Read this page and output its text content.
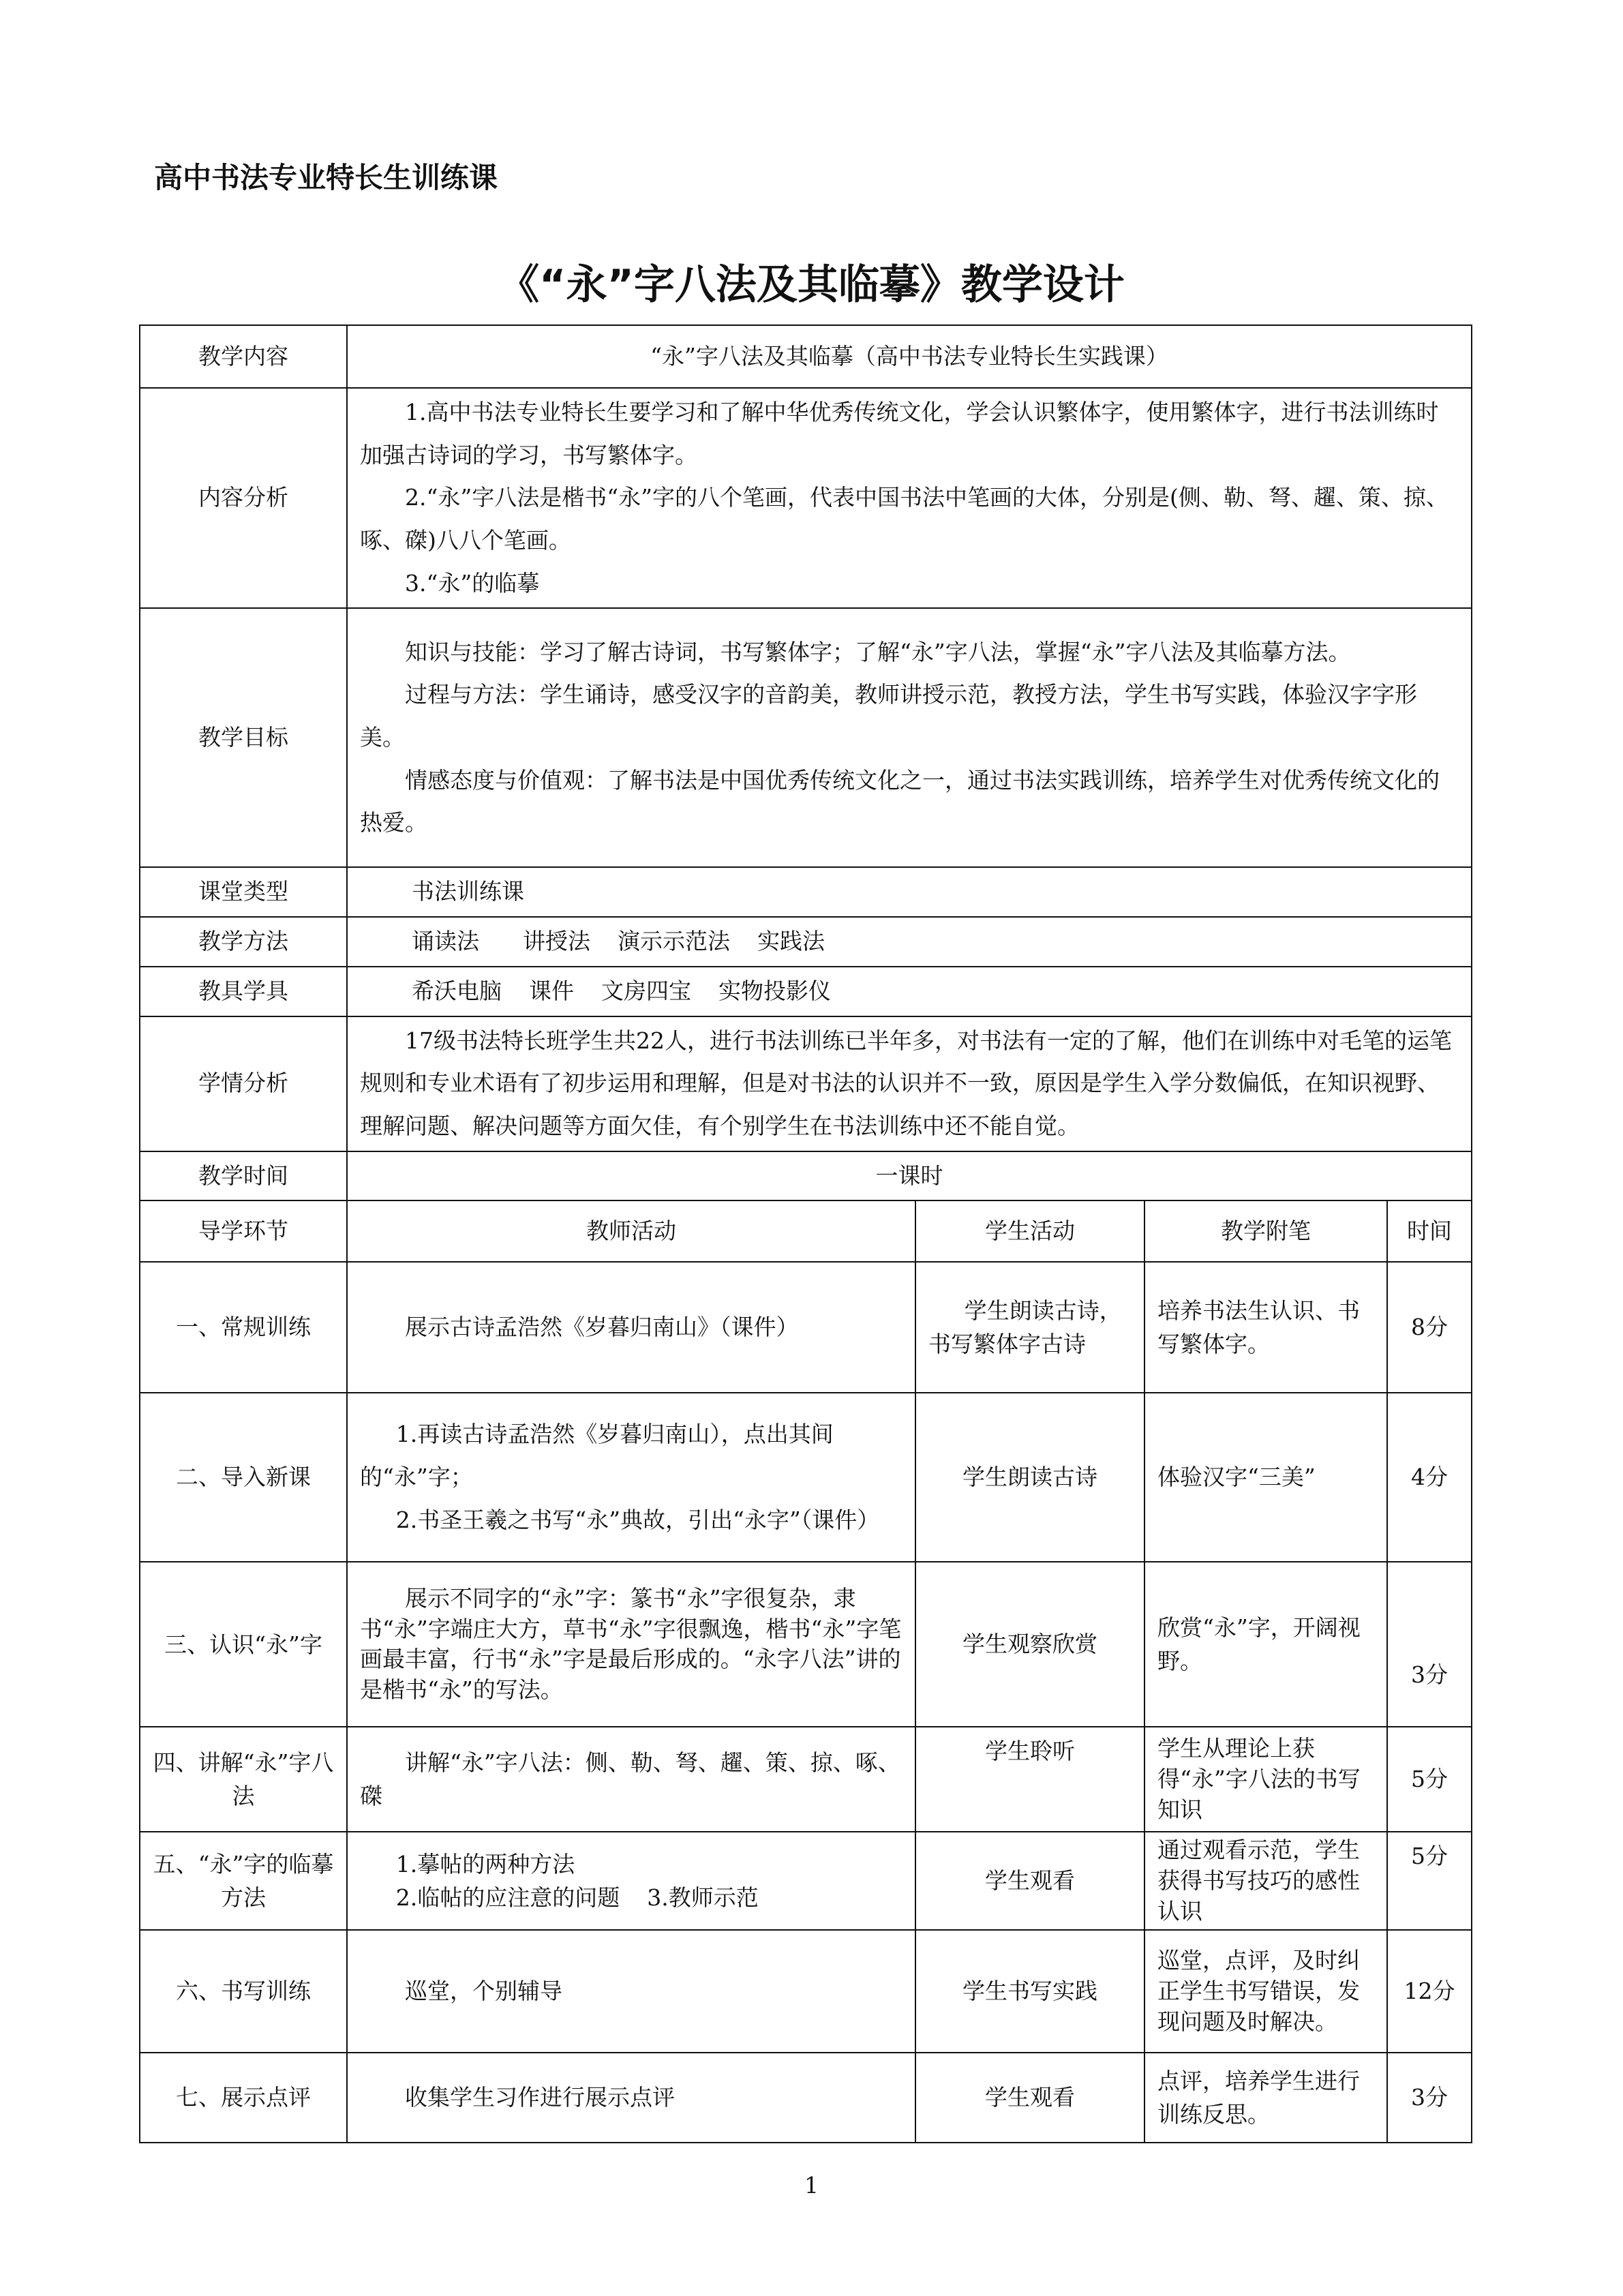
高中书法专业特长生训练课
《“永”字八法及其临摹》教学设计
教学内容	“永”字八法及其临摹（高中书法专业特长生实践课）			
内容分析	1.高中书法专业特长生要学习和了解中华优秀传统文化，学会认识繁体字，使用繁体字，进行书法训练时加强古诗词的学习，书写繁体字。

2.“永”字八法是楷书“永”字的八个笔画，代表中国书法中笔画的大体，分别是(侧、勒、弩、趯、策、掠、啄、磔)八八个笔画。

3.“永”的临摹			

教学目标	知识与技能：学习了解古诗词，书写繁体字；了解“永”字八法，掌握“永”字八法及其临摹方法。

过程与方法：学生诵诗，感受汉字的音韵美，教师讲授示范，教授方法，学生书写实践，体验汉字字形美。

情感态度与价值观：了解书法是中国优秀传统文化之一，通过书法实践训练，培养学生对优秀传统文化的热爱。			

课堂类型	书法训练课			
教学方法	诵读法 讲授法 演示示范法 实践法			
教具学具	希沃电脑 课件 文房四宝 实物投影仪			
学情分析	17级书法特长班学生共22人，进行书法训练已半年多，对书法有一定的了解，他们在训练中对毛笔的运笔规则和专业术语有了初步运用和理解，但是对书法的认识并不一致，原因是学生入学分数偏低，在知识视野、理解问题、解决问题等方面欠佳，有个别学生在书法训练中还不能自觉。			

教学时间	一课时			
导学环节	教师活动	学生活动	教学附笔	时间
一、常规训练	展示古诗孟浩然《岁暮归南山》（课件）	学生朗读古诗，书写繁体字古诗	培养书法生认识、书写繁体字。	8分
二、导入新课	1.再读古诗孟浩然《岁暮归南山），点出其间的“永”字；

2.书圣王羲之书写“永”典故，引出“永字”（课件）	学生朗读古诗	体验汉字“三美”	4分
三、认识“永”字	展示不同字的“永”字：篆书“永”字很复杂，隶书“永”字端庄大方，草书“永”字很飘逸，楷书“永”字笔画最丰富，行书“永”字是最后形成的。“永字八法”讲的是楷书“永”的写法。	学生观察欣赏	欣赏“永”字，开阔视野。	3分
四、讲解“永”字八法	讲解“永”字八法：侧、勒、弩、趯、策、掠、啄、磔	学生聆听	学生从理论上获得“永”字八法的书写知识	5分
五、“永”字的临摹方法	1.摹帖的两种方法

2.临帖的应注意的问题 3.教师示范	学生观看	通过观看示范，学生获得书写技巧的感性认识	5分
六、书写训练	巡堂，个别辅导	学生书写实践	巡堂，点评，及时纠正学生书写错误，发现问题及时解决。	12分
七、展示点评	收集学生习作进行展示点评	学生观看	点评，培养学生进行训练反思。	3分
1
